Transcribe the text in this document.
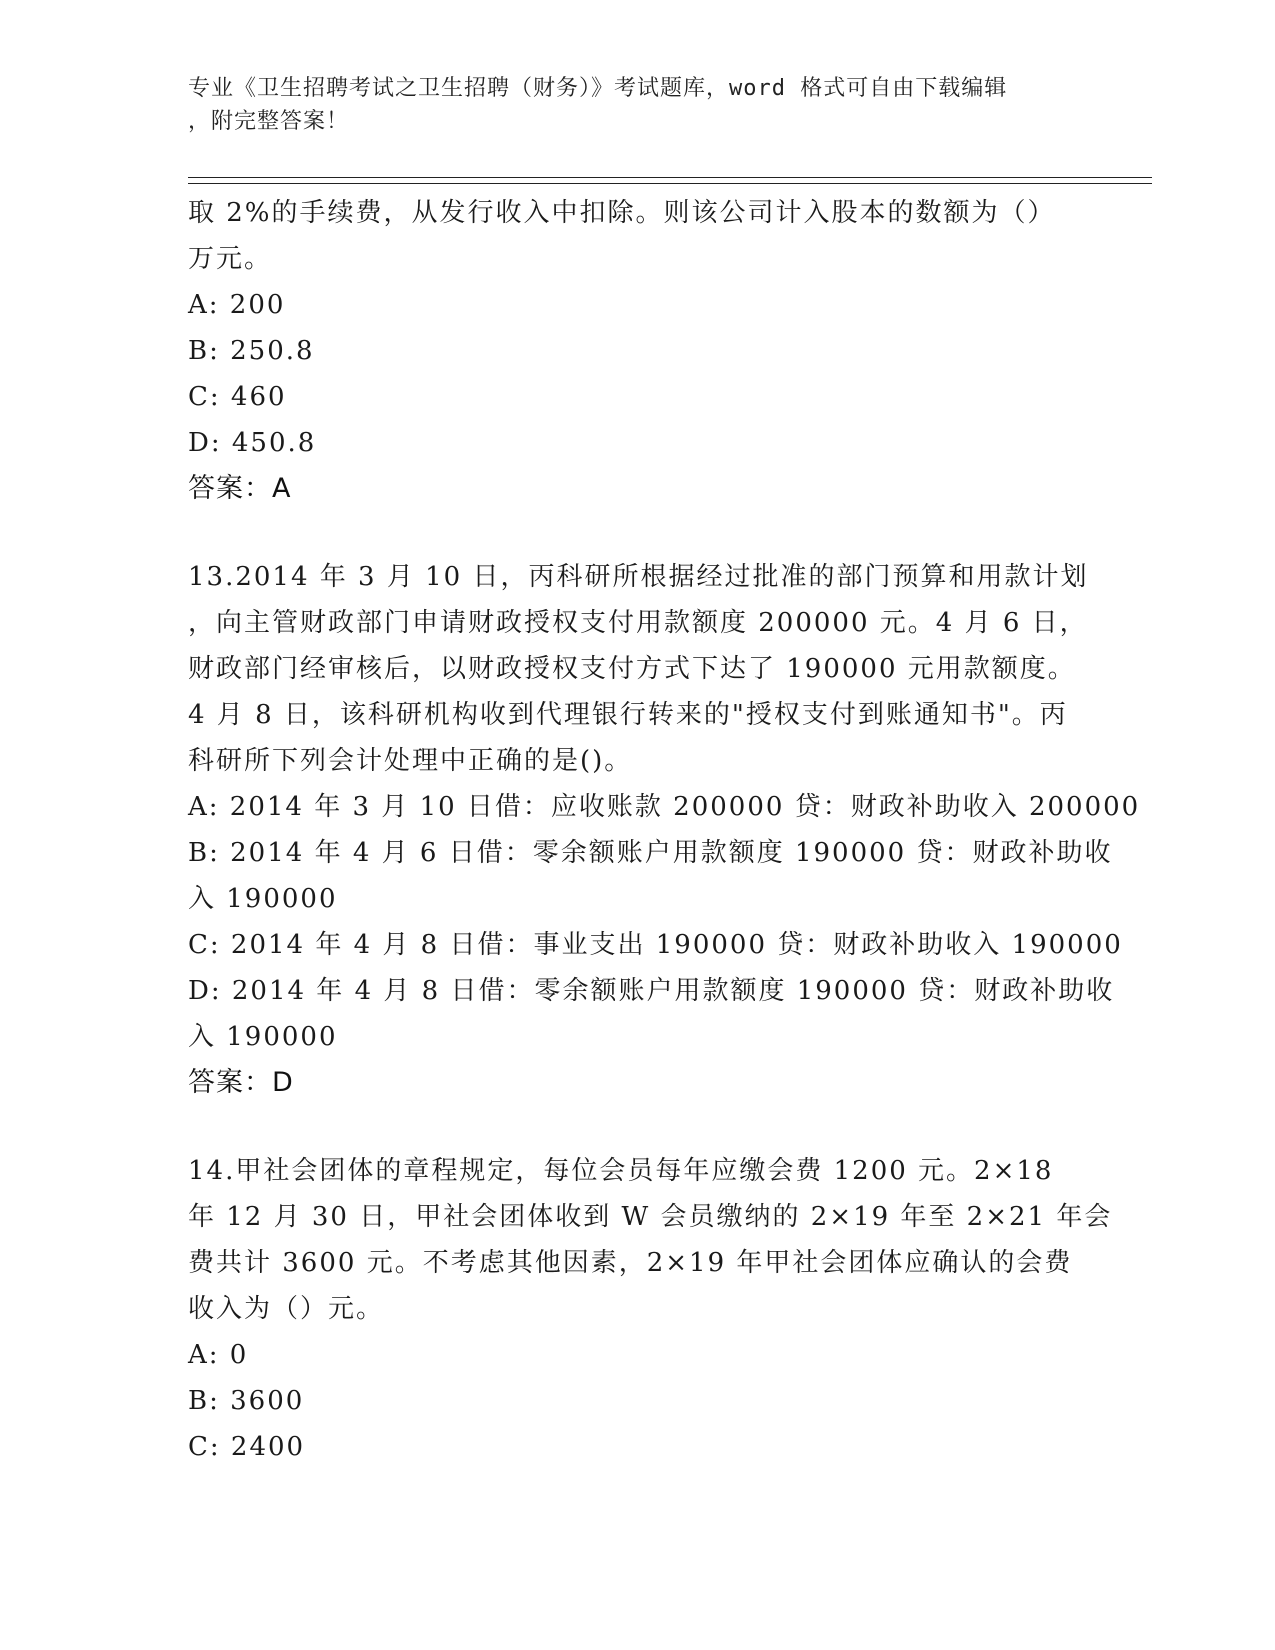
专业《卫生招聘考试之卫生招聘（财务）》考试题库，word 格式可自由下载编辑
，附完整答案！
取 2%的手续费，从发行收入中扣除。则该公司计入股本的数额为（）
万元。
A: 200
B: 250.8
C: 460
D: 450.8
答案：A
13.2014 年 3 月 10 日，丙科研所根据经过批准的部门预算和用款计划
，向主管财政部门申请财政授权支付用款额度 200000 元。4 月 6 日，
财政部门经审核后，以财政授权支付方式下达了 190000 元用款额度。
4 月 8 日，该科研机构收到代理银行转来的"授权支付到账通知书"。丙
科研所下列会计处理中正确的是()。
A: 2014 年 3 月 10 日借：应收账款 200000 贷：财政补助收入 200000
B: 2014 年 4 月 6 日借：零余额账户用款额度 190000 贷：财政补助收
入 190000
C: 2014 年 4 月 8 日借：事业支出 190000 贷：财政补助收入 190000
D: 2014 年 4 月 8 日借：零余额账户用款额度 190000 贷：财政补助收
入 190000
答案：D
14.甲社会团体的章程规定，每位会员每年应缴会费 1200 元。2×18
年 12 月 30 日，甲社会团体收到 W 会员缴纳的 2×19 年至 2×21 年会
费共计 3600 元。不考虑其他因素，2×19 年甲社会团体应确认的会费
收入为（）元。
A: 0
B: 3600
C: 2400
